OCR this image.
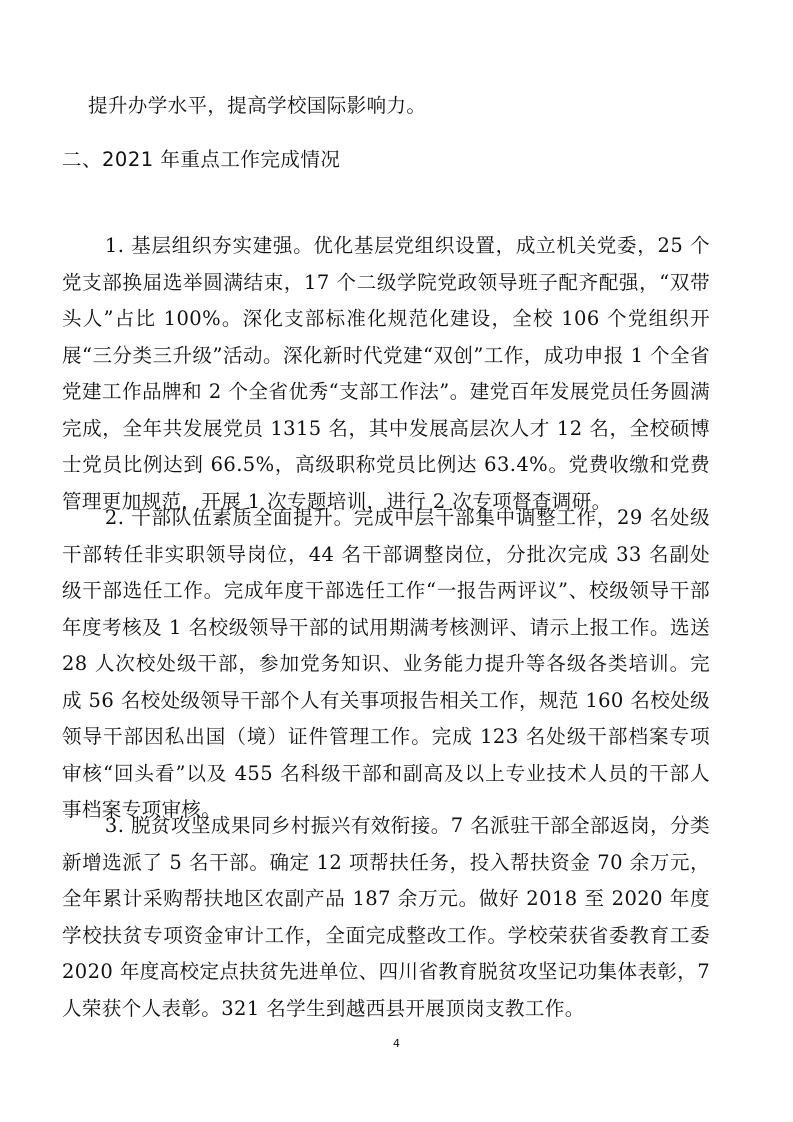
提升办学水平，提高学校国际影响力。

二、2021 年重点工作完成情况

1. 基层组织夯实建强。优化基层党组织设置，成立机关党委，25 个党支部换届选举圆满结束，17 个二级学院党政领导班子配齐配强，“双带头人”占比 100%。深化支部标准化规范化建设，全校 106 个党组织开展“三分类三升级”活动。深化新时代党建“双创”工作，成功申报 1 个全省党建工作品牌和 2 个全省优秀“支部工作法”。建党百年发展党员任务圆满完成，全年共发展党员 1315 名，其中发展高层次人才 12 名，全校硕博士党员比例达到 66.5%，高级职称党员比例达 63.4%。党费收缴和党费管理更加规范，开展 1 次专题培训，进行 2 次专项督查调研。

2. 干部队伍素质全面提升。完成中层干部集中调整工作，29 名处级干部转任非实职领导岗位，44 名干部调整岗位，分批次完成 33 名副处级干部选任工作。完成年度干部选任工作“一报告两评议”、校级领导干部年度考核及 1 名校级领导干部的试用期满考核测评、请示上报工作。选送 28 人次校处级干部，参加党务知识、业务能力提升等各级各类培训。完成 56 名校处级领导干部个人有关事项报告相关工作，规范 160 名校处级领导干部因私出国（境）证件管理工作。完成 123 名处级干部档案专项审核“回头看”以及 455 名科级干部和副高及以上专业技术人员的干部人事档案专项审核。

3. 脱贫攻坚成果同乡村振兴有效衔接。7 名派驻干部全部返岗，分类新增选派了 5 名干部。确定 12 项帮扶任务，投入帮扶资金 70 余万元，全年累计采购帮扶地区农副产品 187 余万元。做好 2018 至 2020 年度学校扶贫专项资金审计工作，全面完成整改工作。学校荣获省委教育工委 2020 年度高校定点扶贫先进单位、四川省教育脱贫攻坚记功集体表彰，7 人荣获个人表彰。321 名学生到越西县开展顶岗支教工作。

4
